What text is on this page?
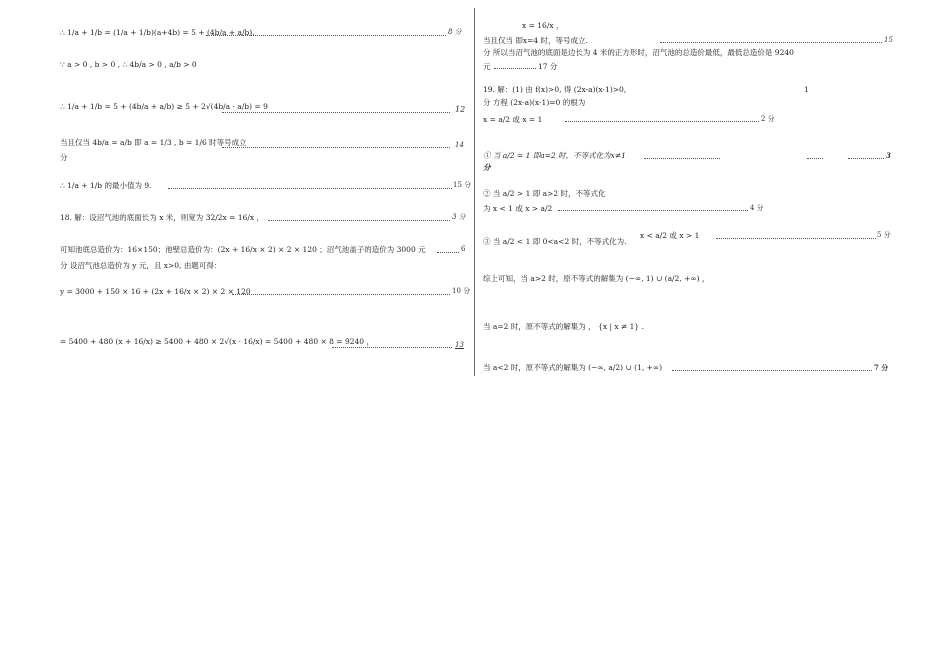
∴ 1/a + 1/b = (1/a + 1/b)(a+4b) = 5 + (4b/a + a/b),	8 分
∵ a > 0 , b > 0 , ∴ 4b/a > 0 , a/b > 0
∴ 1/a + 1/b = 5 + (4b/a + a/b) ≥ 5 + 2√(4b/a · a/b) = 9	12
当且仅当 4b/a = a/b 即 a = 1/3 , b = 1/6 时等号成立	14
分
∴ 1/a + 1/b 的最小值为 9.	15 分
18. 解：设沼气池的底面长为 x 米，则宽为 32/2x = 16/x ，	3 分
可知池底总造价为：16×150；池壁总造价为：(2x + 16/x × 2) × 2 × 120 ；沼气池盖子的造价为 3000 元	6
分 设沼气池总造价为 y 元，且 x>0, 由题可得：
y = 3000 + 150 × 16 + (2x + 16/x × 2) × 2 × 120	10 分
= 5400 + 480 (x + 16/x) ≥ 5400 + 480 × 2√(x · 16/x) = 5400 + 480 × 8 = 9240 ，	13
x = 16/x ，
当且仅当 即x=4 时，等号成立.	15
分 所以当沼气池的底面是边长为 4 米的正方形时，沼气池的总造价最低，最低总造价是 9240
元	17 分
19. 解：(1) 由 f(x)>0, 得 (2x-a)(x-1)>0,	1
分 方程 (2x-a)(x-1)=0 的根为
x = a/2 或 x = 1	2 分
① 当 a/2 = 1 即a=2 时，不等式化为x≠1	3
分
② 当 a/2 > 1 即 a>2 时，不等式化
为 x < 1 或 x > a/2	4 分
③ 当 a/2 < 1 即 0<a<2 时，不等式化为.
x < a/2 或 x > 1	5 分
综上可知，当 a>2 时，原不等式的解集为 (−∞, 1) ∪ (a/2, +∞) ，
当 a=2 时，原不等式的解集为 ， {x | x ≠ 1} .
当 a<2 时，原不等式的解集为 (−∞, a/2) ∪ (1, +∞)	7 分
